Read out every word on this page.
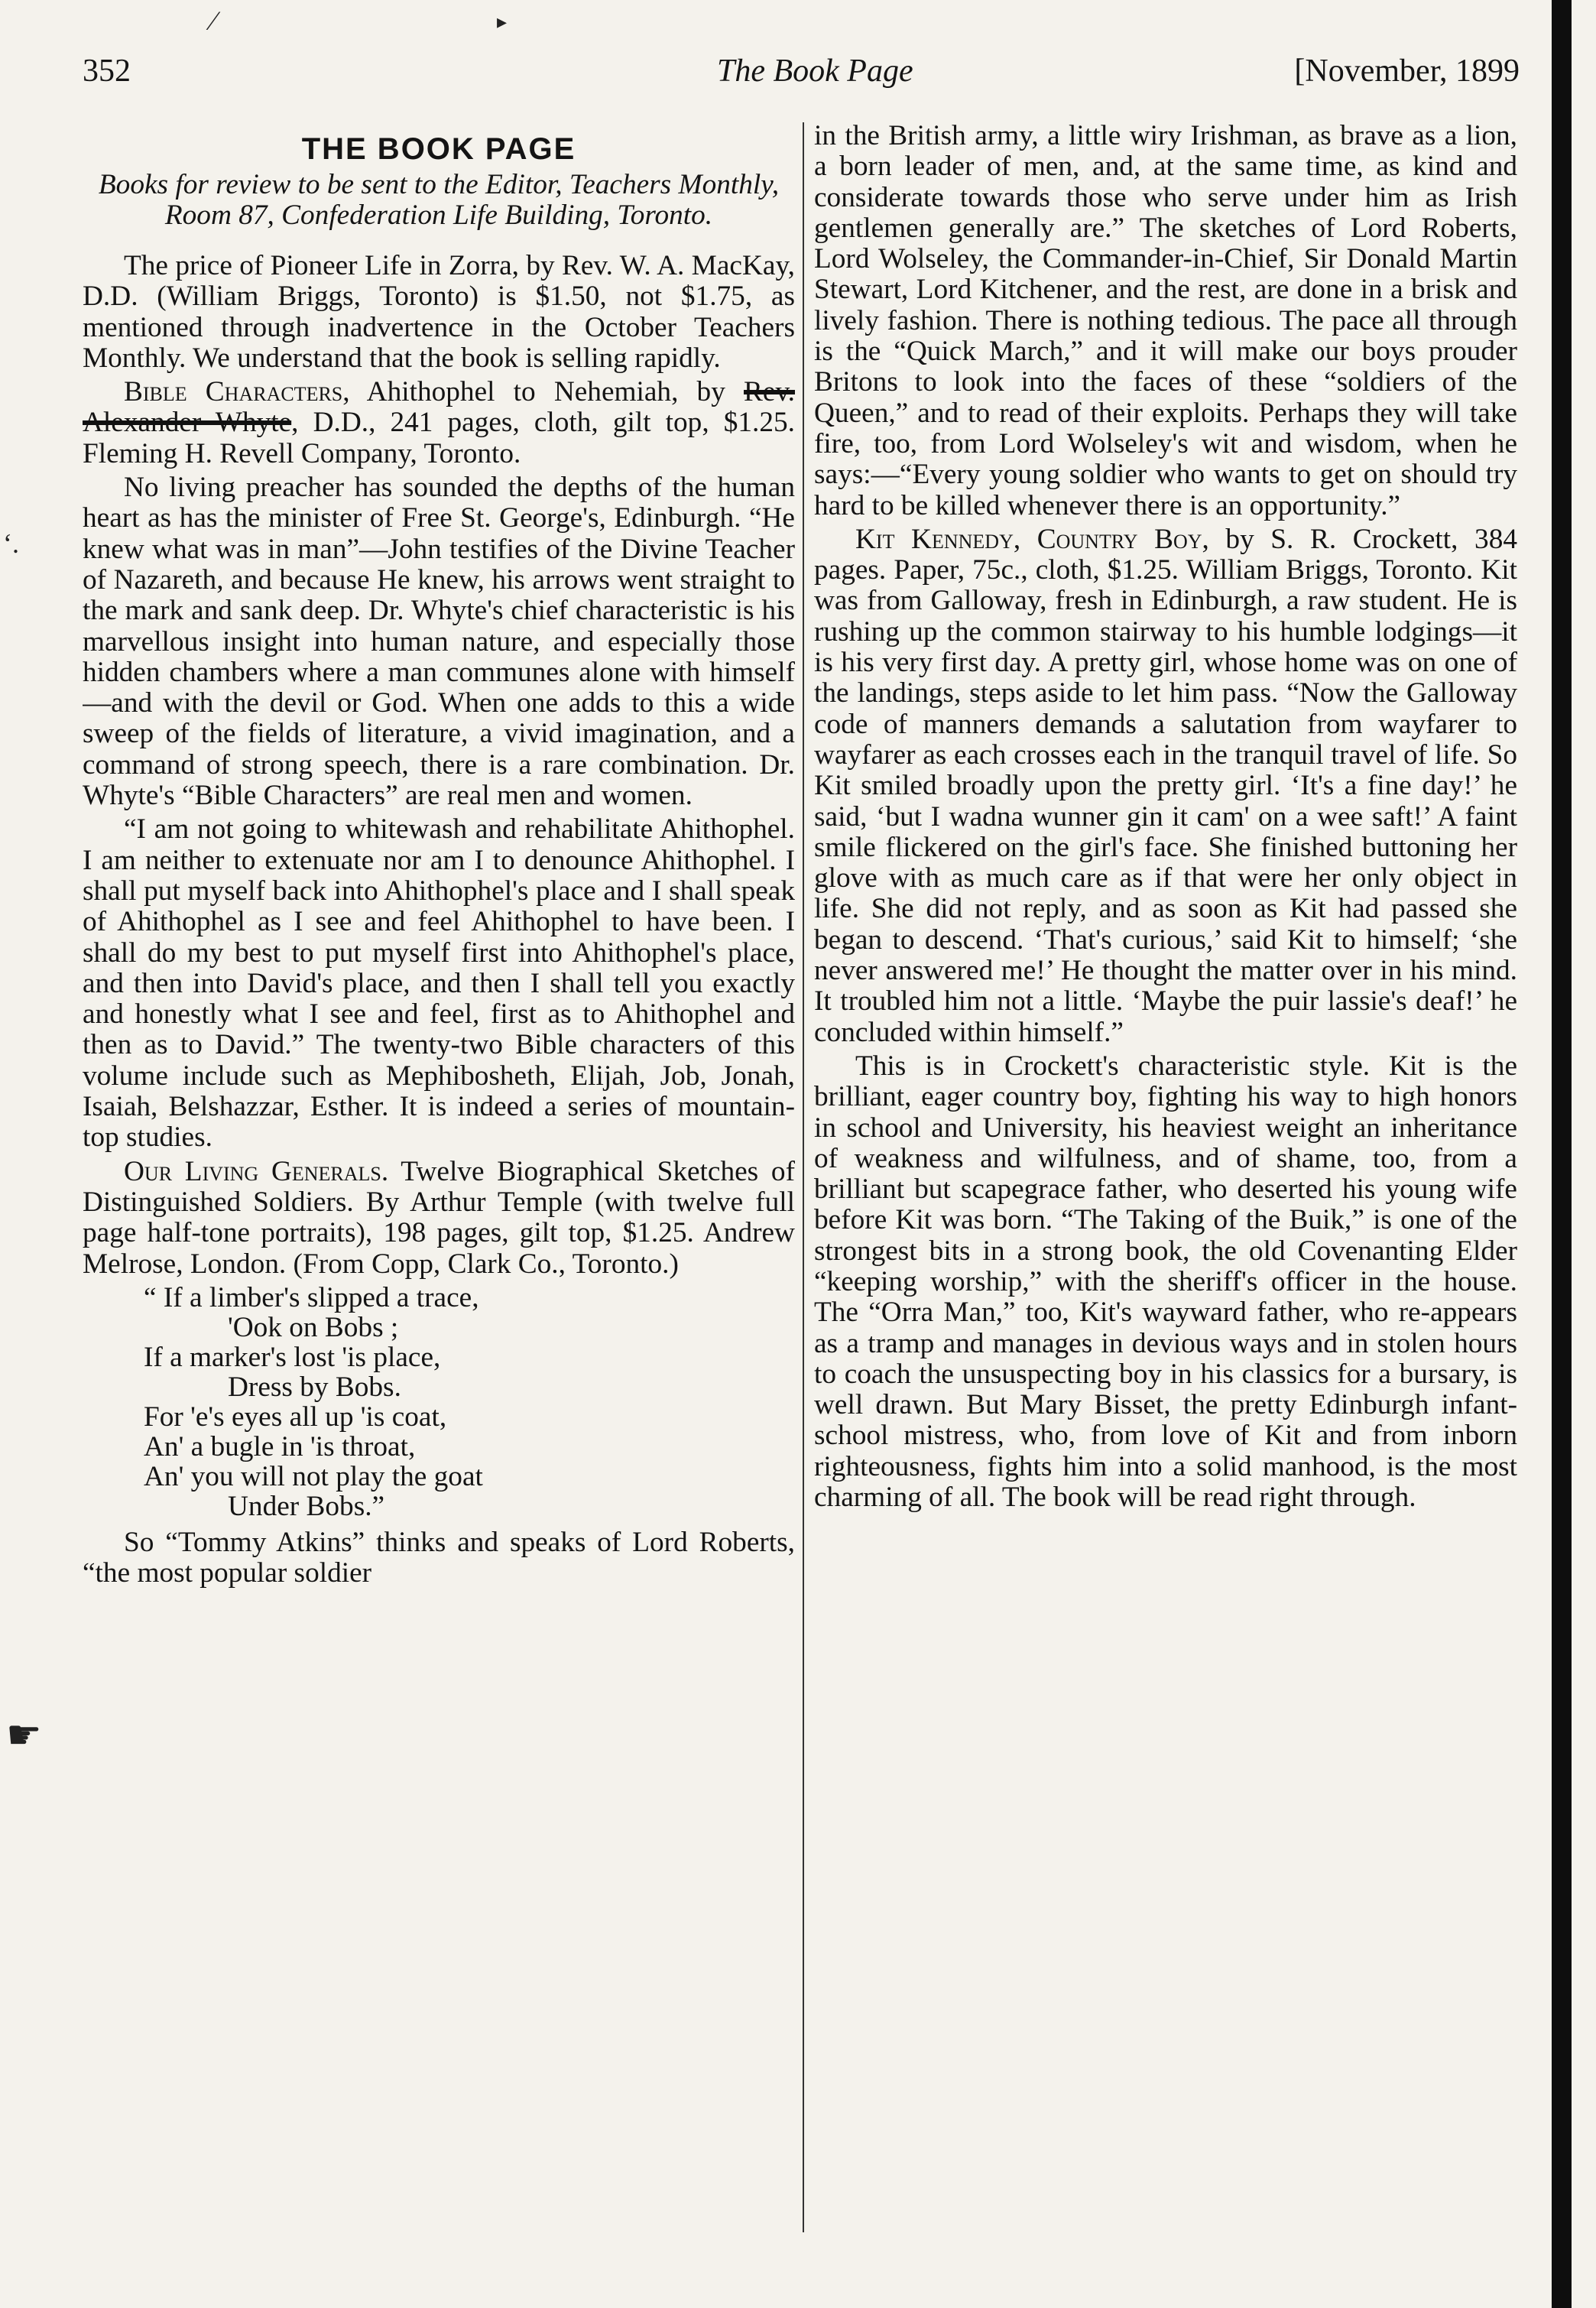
⁄	▸
ʻ.
☛
352	The Book Page	[November, 1899
THE BOOK PAGE
Books for review to be sent to the Editor, Teachers Monthly, Room 87, Confederation Life Building, Toronto.

The price of Pioneer Life in Zorra, by Rev. W. A. MacKay, D.D. (William Briggs, Toronto) is $1.50, not $1.75, as mentioned through inadvertence in the October Teachers Monthly. We understand that the book is selling rapidly.

Bible Characters, Ahithophel to Nehemiah, by Rev. Alexander Whyte, D.D., 241 pages, cloth, gilt top, $1.25. Fleming H. Revell Company, Toronto.

No living preacher has sounded the depths of the human heart as has the minister of Free St. George's, Edinburgh. “He knew what was in man”—John testifies of the Divine Teacher of Nazareth, and because He knew, his arrows went straight to the mark and sank deep. Dr. Whyte's chief characteristic is his marvellous insight into human nature, and especially those hidden chambers where a man communes alone with himself—and with the devil or God. When one adds to this a wide sweep of the fields of literature, a vivid imagination, and a command of strong speech, there is a rare combination. Dr. Whyte's “Bible Characters” are real men and women.

“I am not going to whitewash and rehabilitate Ahithophel. I am neither to extenuate nor am I to denounce Ahithophel. I shall put myself back into Ahithophel's place and I shall speak of Ahithophel as I see and feel Ahithophel to have been. I shall do my best to put myself first into Ahithophel's place, and then into David's place, and then I shall tell you exactly and honestly what I see and feel, first as to Ahithophel and then as to David.” The twenty-two Bible characters of this volume include such as Mephibosheth, Elijah, Job, Jonah, Isaiah, Belshazzar, Esther. It is indeed a series of mountain-top studies.

Our Living Generals. Twelve Biographical Sketches of Distinguished Soldiers. By Arthur Temple (with twelve full page half-tone portraits), 198 pages, gilt top, $1.25. Andrew Melrose, London. (From Copp, Clark Co., Toronto.)

“ If a limber's slipped a trace,
'Ook on Bobs ;
If a marker's lost 'is place,
Dress by Bobs.
For 'e's eyes all up 'is coat,
An' a bugle in 'is throat,
An' you will not play the goat
Under Bobs.”

So “Tommy Atkins” thinks and speaks of Lord Roberts, “the most popular soldier

in the British army, a little wiry Irishman, as brave as a lion, a born leader of men, and, at the same time, as kind and considerate towards those who serve under him as Irish gentlemen generally are.” The sketches of Lord Roberts, Lord Wolseley, the Commander-in-Chief, Sir Donald Martin Stewart, Lord Kitchener, and the rest, are done in a brisk and lively fashion. There is nothing tedious. The pace all through is the “Quick March,” and it will make our boys prouder Britons to look into the faces of these “soldiers of the Queen,” and to read of their exploits. Perhaps they will take fire, too, from Lord Wolseley's wit and wisdom, when he says:—“Every young soldier who wants to get on should try hard to be killed whenever there is an opportunity.”

Kit Kennedy, Country Boy, by S. R. Crockett, 384 pages. Paper, 75c., cloth, $1.25. William Briggs, Toronto. Kit was from Galloway, fresh in Edinburgh, a raw student. He is rushing up the common stairway to his humble lodgings—it is his very first day. A pretty girl, whose home was on one of the landings, steps aside to let him pass. “Now the Galloway code of manners demands a salutation from wayfarer to wayfarer as each crosses each in the tranquil travel of life. So Kit smiled broadly upon the pretty girl. ‘It's a fine day!’ he said, ‘but I wadna wunner gin it cam' on a wee saft!’ A faint smile flickered on the girl's face. She finished buttoning her glove with as much care as if that were her only object in life. She did not reply, and as soon as Kit had passed she began to descend. ‘That's curious,’ said Kit to himself; ‘she never answered me!’ He thought the matter over in his mind. It troubled him not a little. ‘Maybe the puir lassie's deaf!’ he concluded within himself.”

This is in Crockett's characteristic style. Kit is the brilliant, eager country boy, fighting his way to high honors in school and University, his heaviest weight an inheritance of weakness and wilfulness, and of shame, too, from a brilliant but scapegrace father, who deserted his young wife before Kit was born. “The Taking of the Buik,” is one of the strongest bits in a strong book, the old Covenanting Elder “keeping worship,” with the sheriff's officer in the house. The “Orra Man,” too, Kit's wayward father, who re-appears as a tramp and manages in devious ways and in stolen hours to coach the unsuspecting boy in his classics for a bursary, is well drawn. But Mary Bisset, the pretty Edinburgh infant-school mistress, who, from love of Kit and from inborn righteousness, fights him into a solid manhood, is the most charming of all. The book will be read right through.
